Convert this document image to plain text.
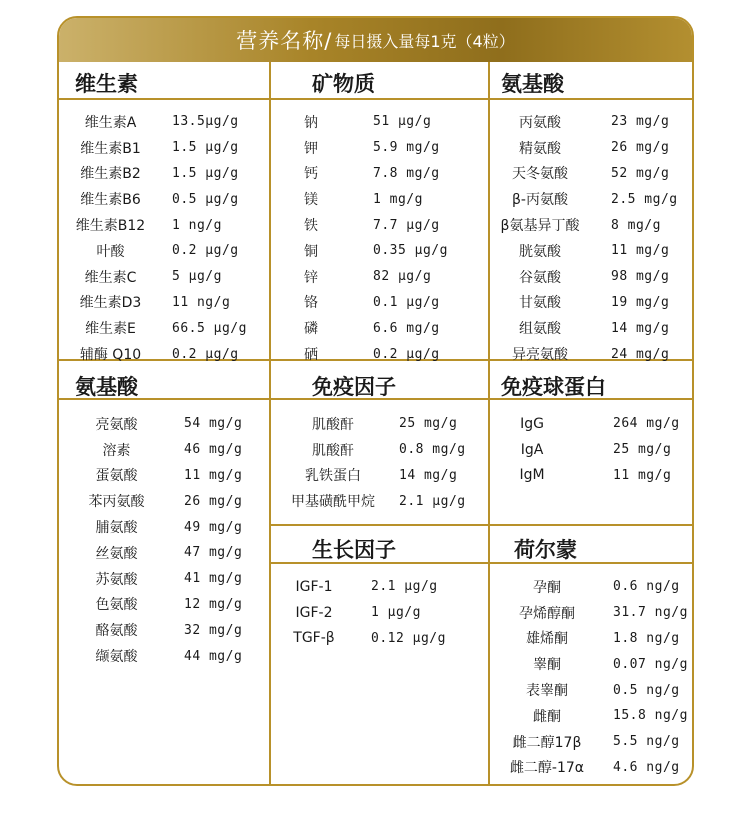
营养名称/ 每日摄入量每1克（4粒）
维生素	矿物质	氨基酸
氨基酸	免疫因子	免疫球蛋白
生长因子	荷尔蒙
维生素A	13.5μg/g
维生素B1	1.5 μg/g
维生素B2	1.5 μg/g
维生素B6	0.5 μg/g
维生素B12	1 ng/g
叶酸	0.2 μg/g
维生素C	5 μg/g
维生素D3	11 ng/g
维生素E	66.5 μg/g
辅酶 Q10	0.2 μg/g
钠	51 μg/g
钾	5.9 mg/g
钙	7.8 mg/g
镁	1 mg/g
铁	7.7 μg/g
铜	0.35 μg/g
锌	82 μg/g
铬	0.1 μg/g
磷	6.6 mg/g
硒	0.2 μg/g
丙氨酸	23 mg/g
精氨酸	26 mg/g
天冬氨酸	52 mg/g
β-丙氨酸	2.5 mg/g
β氨基异丁酸	8 mg/g
胱氨酸	11 mg/g
谷氨酸	98 mg/g
甘氨酸	19 mg/g
组氨酸	14 mg/g
异亮氨酸	24 mg/g
亮氨酸	54 mg/g
溶素	46 mg/g
蛋氨酸	11 mg/g
苯丙氨酸	26 mg/g
脯氨酸	49 mg/g
丝氨酸	47 mg/g
苏氨酸	41 mg/g
色氨酸	12 mg/g
酪氨酸	32 mg/g
缬氨酸	44 mg/g
肌酸酐	25 mg/g
肌酸酐	0.8 mg/g
乳铁蛋白	14 mg/g
甲基磺酰甲烷	2.1 μg/g
IgG	264 mg/g
IgA	25 mg/g
IgM	11 mg/g
IGF-1	2.1 μg/g
IGF-2	1 μg/g
TGF-β	0.12 μg/g
孕酮	0.6 ng/g
孕烯醇酮	31.7 ng/g
雄烯酮	1.8 ng/g
睾酮	0.07 ng/g
表睾酮	0.5 ng/g
雌酮	15.8 ng/g
雌二醇17β	5.5 ng/g
雌二醇-17α	4.6 ng/g
